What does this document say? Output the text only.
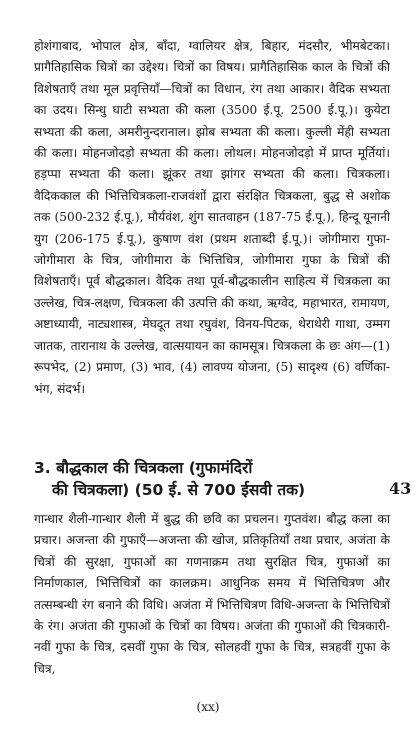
होशंगाबाद, भोपाल क्षेत्र, बाँदा, ग्वालियर क्षेत्र, बिहार, मंदसौर, भीमबेटका। प्रागैतिहासिक चित्रों का उद्देश्य। चित्रों का विषय। प्रागैतिहासिक काल के चित्रों की विशेषताएँ तथा मूल प्रवृत्तियाँ—चित्रों का विधान, रंग तथा आकार। वैदिक सभ्यता का उदय। सिन्धु घाटी सभ्यता की कला (3500 ई.पू. 2500 ई.पू.)। कुयेटा सभ्यता की कला, अमरीनुन्दरानाल। झोब सभ्यता की कला। कुल्ली मेंही सभ्यता की कला। मोहनजोदड़ो सभ्यता की कला। लोथल। मोहनजोदड़ो में प्राप्त मूर्तियां। हड़प्पा सभ्यता की कला। झूंकर तथा झांगर सभ्यता की कला। चित्रकला। वैदिककाल की भित्तिचित्रकला-राजवंशों द्वारा संरक्षित चित्रकला, बुद्ध से अशोक तक (500-232 ई.पू.), मौर्यवंश, शुंग सातवाहन (187-75 ई.पू.), हिन्दू यूनानी युग (206-175 ई.पू.), कुषाण वंश (प्रथम शताब्दी ई.पू.)। जोगीमारा गुफा-जोगीमारा के चित्र, जोगीमारा के भित्तिचित्र, जोगीमारा गुफा के चित्रों की विशेषताएँ। पूर्व बौद्धकाल। वैदिक तथा पूर्व-बौद्धकालीन साहित्य में चित्रकला का उल्लेख, चित्र-लक्षण, चित्रकला की उत्पत्ति की कथा, ऋग्वेद, महाभारत, रामायण, अष्टाध्यायी, नाट्यशास्त्र, मेघदूत तथा रघुवंश, विनय-पिटक, थेराथेरी गाथा, उम्मग जातक, तारानाथ के उल्लेख, वात्सयायन का कामसूत्र। चित्रकला के छः अंग—(1) रूपभेद, (2) प्रमाण, (3) भाव, (4) लावण्य योजना, (5) सादृश्य (6) वर्णिका-भंग, संदर्भ।

3. बौद्धकाल की चित्रकला (गुफामंदिरों
की चित्रकला) (50 ई. से 700 ईसवी तक)	43

गान्धार शैली-गान्धार शैली में बुद्ध की छवि का प्रचलन। गुप्तवंश। बौद्ध कला का प्रचार। अजन्ता की गुफाएँ—अजन्ता की खोज, प्रतिकृतियाँ तथा प्रचार, अजंता के चित्रों की सुरक्षा, गुफाओं का गणनाक्रम तथा सुरक्षित चित्र, गुफाओं का निर्माणकाल, भित्तिचित्रों का कालक्रम। आधुनिक समय में भित्तिचित्रण और तत्सम्बन्धी रंग बनाने की विधि। अजंता में भित्तिचित्रण विधि-अजन्ता के भित्तिचित्रों के रंग। अजंता की गुफाओं के चित्रों का विषय। अजंता की गुफाओं की चित्रकारी-नवीं गुफा के चित्र, दसवीं गुफा के चित्र, सोलहवीं गुफा के चित्र, सत्रहवीं गुफा के चित्र,

(xx)
